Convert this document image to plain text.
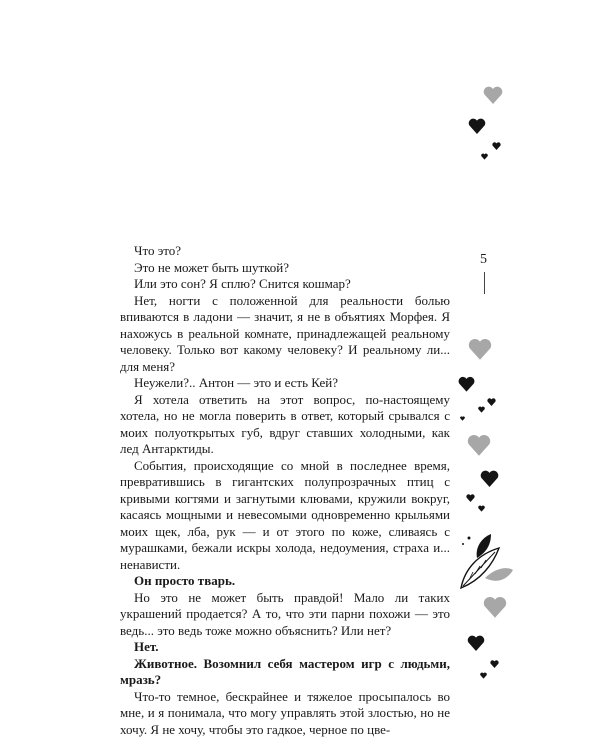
Что это?

Это не может быть шуткой?

Или это сон? Я сплю? Снится кошмар?

Нет, ногти с положенной для реальности болью впиваются в ладони — значит, я не в объятиях Морфея. Я нахожусь в реальной комнате, принадлежащей реальному человеку. Только вот какому человеку? И реальному ли... для меня?

Неужели?.. Антон — это и есть Кей?

Я хотела ответить на этот вопрос, по-настоящему хотела, но не могла поверить в ответ, который срывался с моих полуоткрытых губ, вдруг ставших холодными, как лед Антарктиды.

События, происходящие со мной в последнее время, превратившись в гигантских полупрозрачных птиц с кривыми когтями и загнутыми клювами, кружили вокруг, касаясь мощными и невесомыми одновременно крыльями моих щек, лба, рук — и от этого по коже, сливаясь с мурашками, бежали искры холода, недоумения, страха и... ненависти.

Он просто тварь.

Но это не может быть правдой! Мало ли таких украшений продается? А то, что эти парни похожи — это ведь... это ведь тоже можно объяснить? Или нет?

Нет.

Животное. Возомнил себя мастером игр с людьми, мразь?

Что-то темное, бескрайнее и тяжелое просыпалось во мне, и я понимала, что могу управлять этой злостью, но не хочу. Я не хочу, чтобы это гадкое, черное по цве-

5
